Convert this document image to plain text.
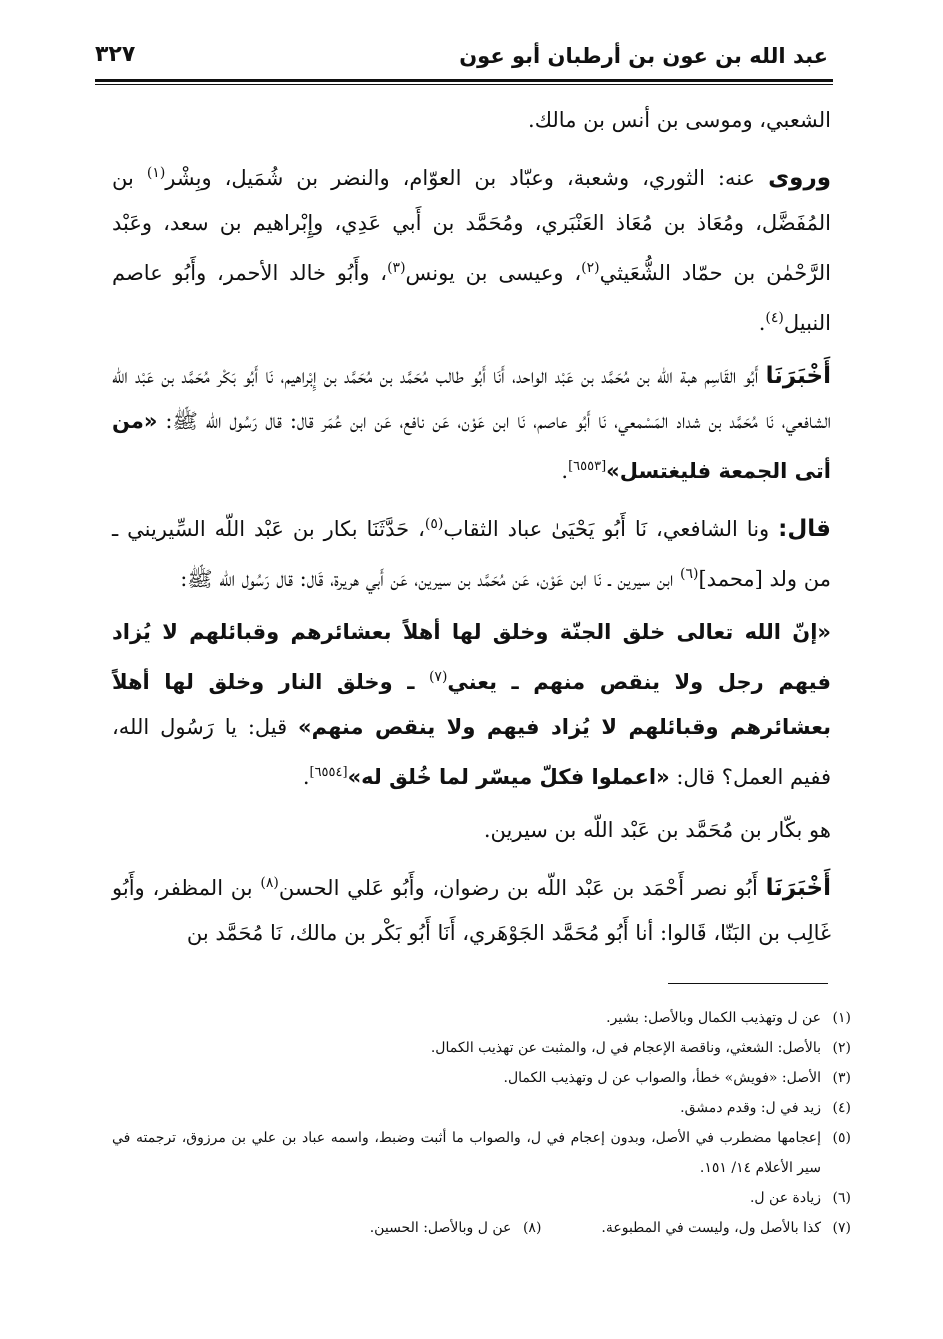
عبد الله بن عون بن أرطبان أبو عون
٣٢٧

الشعبي، وموسى بن أنس بن مالك.

وروى عنه: الثوري، وشعبة، وعبّاد بن العوّام، والنضر بن شُمَيل، وبِشْر$^{(١)}$ بن المُفَضَّل، ومُعَاذ بن مُعَاذ العَنْبَري، ومُحَمَّد بن أَبي عَدِي، وإِبْراهيم بن سعد، وعَبْد الرَّحْمٰن بن حمّاد الشُّعَيثي$^{(٢)}$، وعيسى بن يونس$^{(٣)}$، وأَبُو خالد الأحمر، وأَبُو عاصم النبيل$^{(٤)}$.

أَخْبَرَنَا أَبُو القَاسِم هبة اللّه بن مُحَمَّد بن عَبْد الواحد، أَنَا أَبُو طالب مُحَمَّد بن مُحَمَّد بن إِبْراهيم، نَا أَبُو بَكْر مُحَمَّد بن عَبْد اللّه الشافعي، نَا مُحَمَّد بن شداد المَسْمعي، نَا أَبُو عاصم، نَا ابن عَوْن، عَن نافع، عَن ابن عُمَر قال: قال رَسُول الله ﷺ: «من أتى الجمعة فليغتسل»[٦٥٥٣].

قال: ونا الشافعي، نَا أَبُو يَحْيَىٰ عباد الثقاب$^{(٥)}$، حَدَّثَنَا بكار بن عَبْد اللّه السِّيريني ـ من ولد [محمد]$^{(٦)}$ ابن سيرين ـ نَا ابن عَوْن، عَن مُحَمَّد بن سيرين، عَن أَبي هريرة، قَال: قال رَسُول الله ﷺ:

«إنّ الله تعالى خلق الجنّة وخلق لها أهلاً بعشائرهم وقبائلهم لا يُزاد فيهم رجل ولا ينقص منهم ـ يعني$^{(٧)}$ ـ وخلق النار وخلق لها أهلاً بعشائرهم وقبائلهم لا يُزاد فيهم ولا ينقص منهم» قيل: يا رَسُول الله، ففيم العمل؟ قال: «اعملوا فكلّ ميسّر لما خُلق له»[٦٥٥٤].

هو بكّار بن مُحَمَّد بن عَبْد اللّه بن سيرين.

أَخْبَرَنَا أَبُو نصر أَحْمَد بن عَبْد اللّه بن رضوان، وأَبُو عَلي الحسن$^{(٨)}$ بن المظفر، وأَبُو غَالِب بن البَنّا، قَالوا: أنا أَبُو مُحَمَّد الجَوْهَري، أَنَا أَبُو بَكْر بن مالك، نَا مُحَمَّد بن

(١)
عن ل وتهذيب الكمال وبالأصل: بشير.
(٢)
بالأصل: الشعثي، وناقصة الإعجام في ل، والمثبت عن تهذيب الكمال.
(٣)
الأصل: «فويش» خطأ، والصواب عن ل وتهذيب الكمال.
(٤)
زيد في ل: وقدم دمشق.
(٥)
إعجامها مضطرب في الأصل، وبدون إعجام في ل، والصواب ما أثبت وضبط، واسمه عباد بن علي بن مرزوق، ترجمته في سير الأعلام ١٤/ ١٥١.
(٦)
زيادة عن ل.
(٧)
كذا بالأصل ول، وليست في المطبوعة.
(٨)
عن ل وبالأصل: الحسين.
